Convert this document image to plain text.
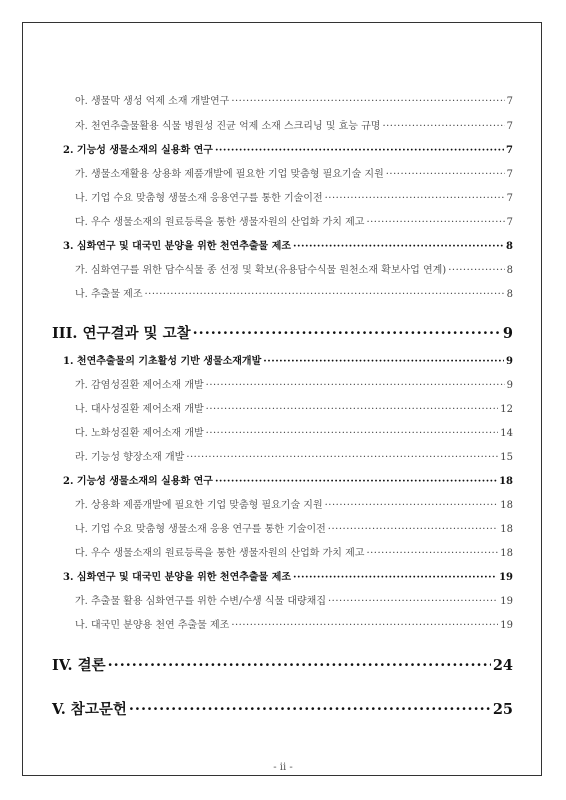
아. 생물막 생성 억제 소재 개발연구 ·····	7
자. 천연추출물활용 식물 병원성 진균 억제 소재 스크리닝 및 효능 규명 ·····	7
2. 기능성 생물소재의 실용화 연구 ·····	7
가. 생물소재활용 상용화 제품개발에 필요한 기업 맞춤형 필요기술 지원 ·····	7
나. 기업 수요 맞춤형 생물소재 응용연구를 통한 기술이전 ·····	7
다. 우수 생물소재의 원료등록을 통한 생물자원의 산업화 가치 제고 ·····	7
3. 심화연구 및 대국민 분양을 위한 천연추출물 제조 ·····	8
가. 심화연구를 위한 담수식물 종 선정 및 확보(유용담수식물 원천소재 확보사업 연계) ·····	8
나. 추출물 제조 ·····	8
III. 연구결과 및 고찰 ·····	9
1. 천연추출물의 기초활성 기반 생물소재개발 ·····	9
가. 감염성질환 제어소재 개발 ·····	9
나. 대사성질환 제어소재 개발 ·····	12
다. 노화성질환 제어소재 개발 ·····	14
라. 기능성 향장소재 개발 ·····	15
2. 기능성 생물소재의 실용화 연구 ·····	18
가. 상용화 제품개발에 필요한 기업 맞춤형 필요기술 지원 ·····	18
나. 기업 수요 맞춤형 생물소재 응용 연구를 통한 기술이전 ·····	18
다. 우수 생물소재의 원료등록을 통한 생물자원의 산업화 가치 제고 ·····	18
3. 심화연구 및 대국민 분양을 위한 천연추출물 제조 ·····	19
가. 추출물 활용 심화연구를 위한 수변/수생 식물 대량채집 ·····	19
나. 대국민 분양용 천연 추출물 제조 ·····	19
IV. 결론 ·····	24
V. 참고문헌 ·····	25
- ii -
